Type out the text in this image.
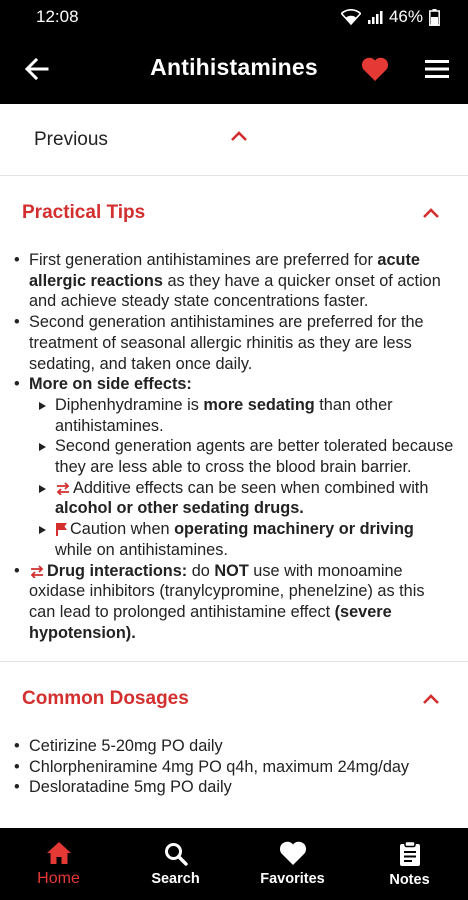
12:08	46%
Antihistamines
Previous
Practical Tips
• First generation antihistamines are preferred for acute allergic reactions as they have a quicker onset of action and achieve steady state concentrations faster.
• Second generation antihistamines are preferred for the treatment of seasonal allergic rhinitis as they are less sedating, and taken once daily.
• More on side effects:
Diphenhydramine is more sedating than other antihistamines.
Second generation agents are better tolerated because they are less able to cross the blood brain barrier.
Additive effects can be seen when combined with alcohol or other sedating drugs.
Caution when operating machinery or driving while on antihistamines.
• Drug interactions: do NOT use with monoamine oxidase inhibitors (tranylcypromine, phenelzine) as this can lead to prolonged antihistamine effect (severe hypotension).
Common Dosages
• Cetirizine 5-20mg PO daily
• Chlorpheniramine 4mg PO q4h, maximum 24mg/day
• Desloratadine 5mg PO daily
Home	Search	Favorites	Notes
